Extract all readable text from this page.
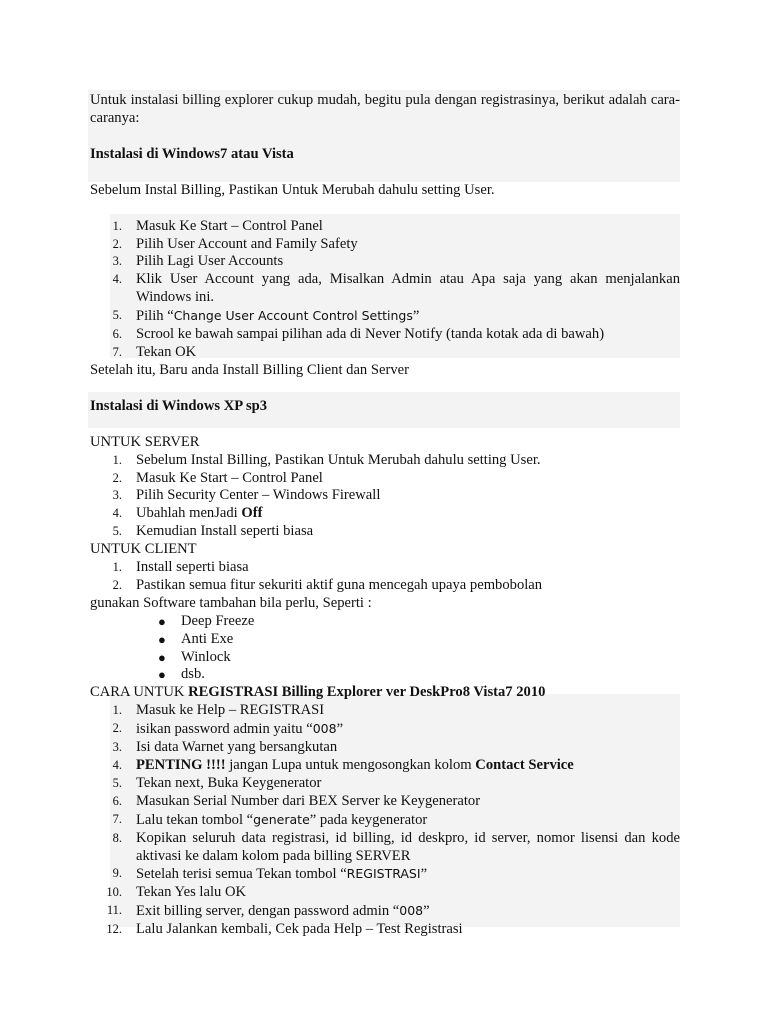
Untuk instalasi billing explorer cukup mudah, begitu pula dengan registrasinya, berikut adalah cara-caranya:

Instalasi di Windows7 atau Vista

Sebelum Instal Billing, Pastikan Untuk Merubah dahulu setting User.

1. Masuk Ke Start – Control Panel
2. Pilih User Account and Family Safety
3. Pilih Lagi User Accounts
4. Klik User Account yang ada, Misalkan Admin atau Apa saja yang akan menjalankan Windows ini.
5. Pilih “Change User Account Control Settings”
6. Scrool ke bawah sampai pilihan ada di Never Notify (tanda kotak ada di bawah)
7. Tekan OK

Setelah itu, Baru anda Install Billing Client dan Server

Instalasi di Windows XP sp3

UNTUK SERVER

1. Sebelum Instal Billing, Pastikan Untuk Merubah dahulu setting User.
2. Masuk Ke Start – Control Panel
3. Pilih Security Center – Windows Firewall
4. Ubahlah menJadi Off
5. Kemudian Install seperti biasa

UNTUK CLIENT

1. Install seperti biasa
2. Pastikan semua fitur sekuriti aktif guna mencegah upaya pembobolan

gunakan Software tambahan bila perlu, Seperti :

● Deep Freeze
● Anti Exe
● Winlock
● dsb.

CARA UNTUK REGISTRASI Billing Explorer ver DeskPro8 Vista7 2010

1. Masuk ke Help – REGISTRASI
2. isikan password admin yaitu “008”
3. Isi data Warnet yang bersangkutan
4. PENTING !!!! jangan Lupa untuk mengosongkan kolom Contact Service
5. Tekan next, Buka Keygenerator
6. Masukan Serial Number dari BEX Server ke Keygenerator
7. Lalu tekan tombol “generate” pada keygenerator
8. Kopikan seluruh data registrasi, id billing, id deskpro, id server, nomor lisensi dan kode aktivasi ke dalam kolom pada billing SERVER
9. Setelah terisi semua Tekan tombol “REGISTRASI”
10. Tekan Yes lalu OK
11. Exit billing server, dengan password admin “008”
12. Lalu Jalankan kembali, Cek pada Help – Test Registrasi
